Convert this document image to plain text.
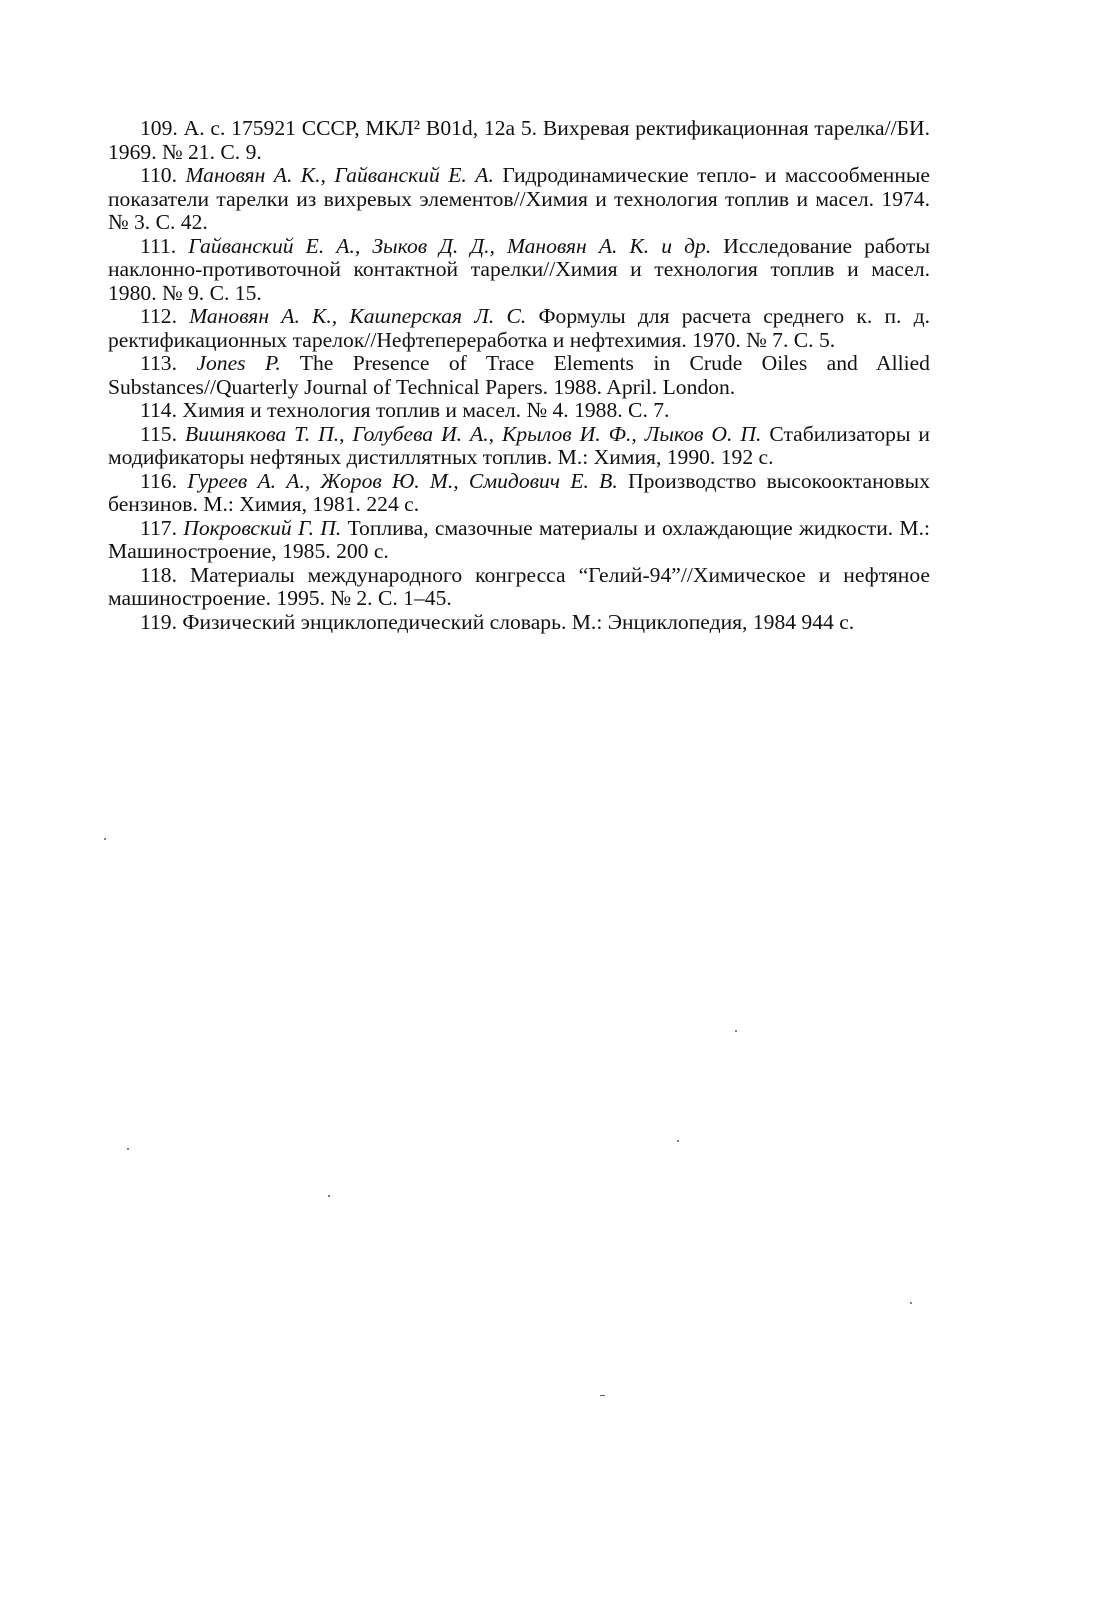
109. А. с. 175921 СССР, МКЛ² B01d, 12а 5. Вихревая ректификационная тарелка//БИ. 1969. № 21. С. 9.

110. Мановян А. К., Гайванский Е. А. Гидродинамические тепло- и массообменные показатели тарелки из вихревых элементов//Химия и технология топлив и масел. 1974. № 3. С. 42.

111. Гайванский Е. А., Зыков Д. Д., Мановян А. К. и др. Исследование работы наклонно-противоточной контактной тарелки//Химия и технология топлив и масел. 1980. № 9. С. 15.

112. Мановян А. К., Кашперская Л. С. Формулы для расчета среднего к. п. д. ректификационных тарелок//Нефтепереработка и нефтехимия. 1970. № 7. С. 5.

113. Jones P. The Presence of Trace Elements in Crude Oiles and Allied Substances//Quarterly Journal of Technical Papers. 1988. April. London.

114. Химия и технология топлив и масел. № 4. 1988. С. 7.

115. Вишнякова Т. П., Голубева И. А., Крылов И. Ф., Лыков О. П. Стабилизаторы и модификаторы нефтяных дистиллятных топлив. М.: Химия, 1990. 192 с.

116. Гуреев А. А., Жоров Ю. М., Смидович Е. В. Производство высокооктановых бензинов. М.: Химия, 1981. 224 с.

117. Покровский Г. П. Топлива, смазочные материалы и охлаждающие жидкости. М.: Машиностроение, 1985. 200 с.

118. Материалы международного конгресса “Гелий-94”//Химическое и нефтяное машиностроение. 1995. № 2. С. 1–45.

119. Физический энциклопедический словарь. М.: Энциклопедия, 1984 944 с.
